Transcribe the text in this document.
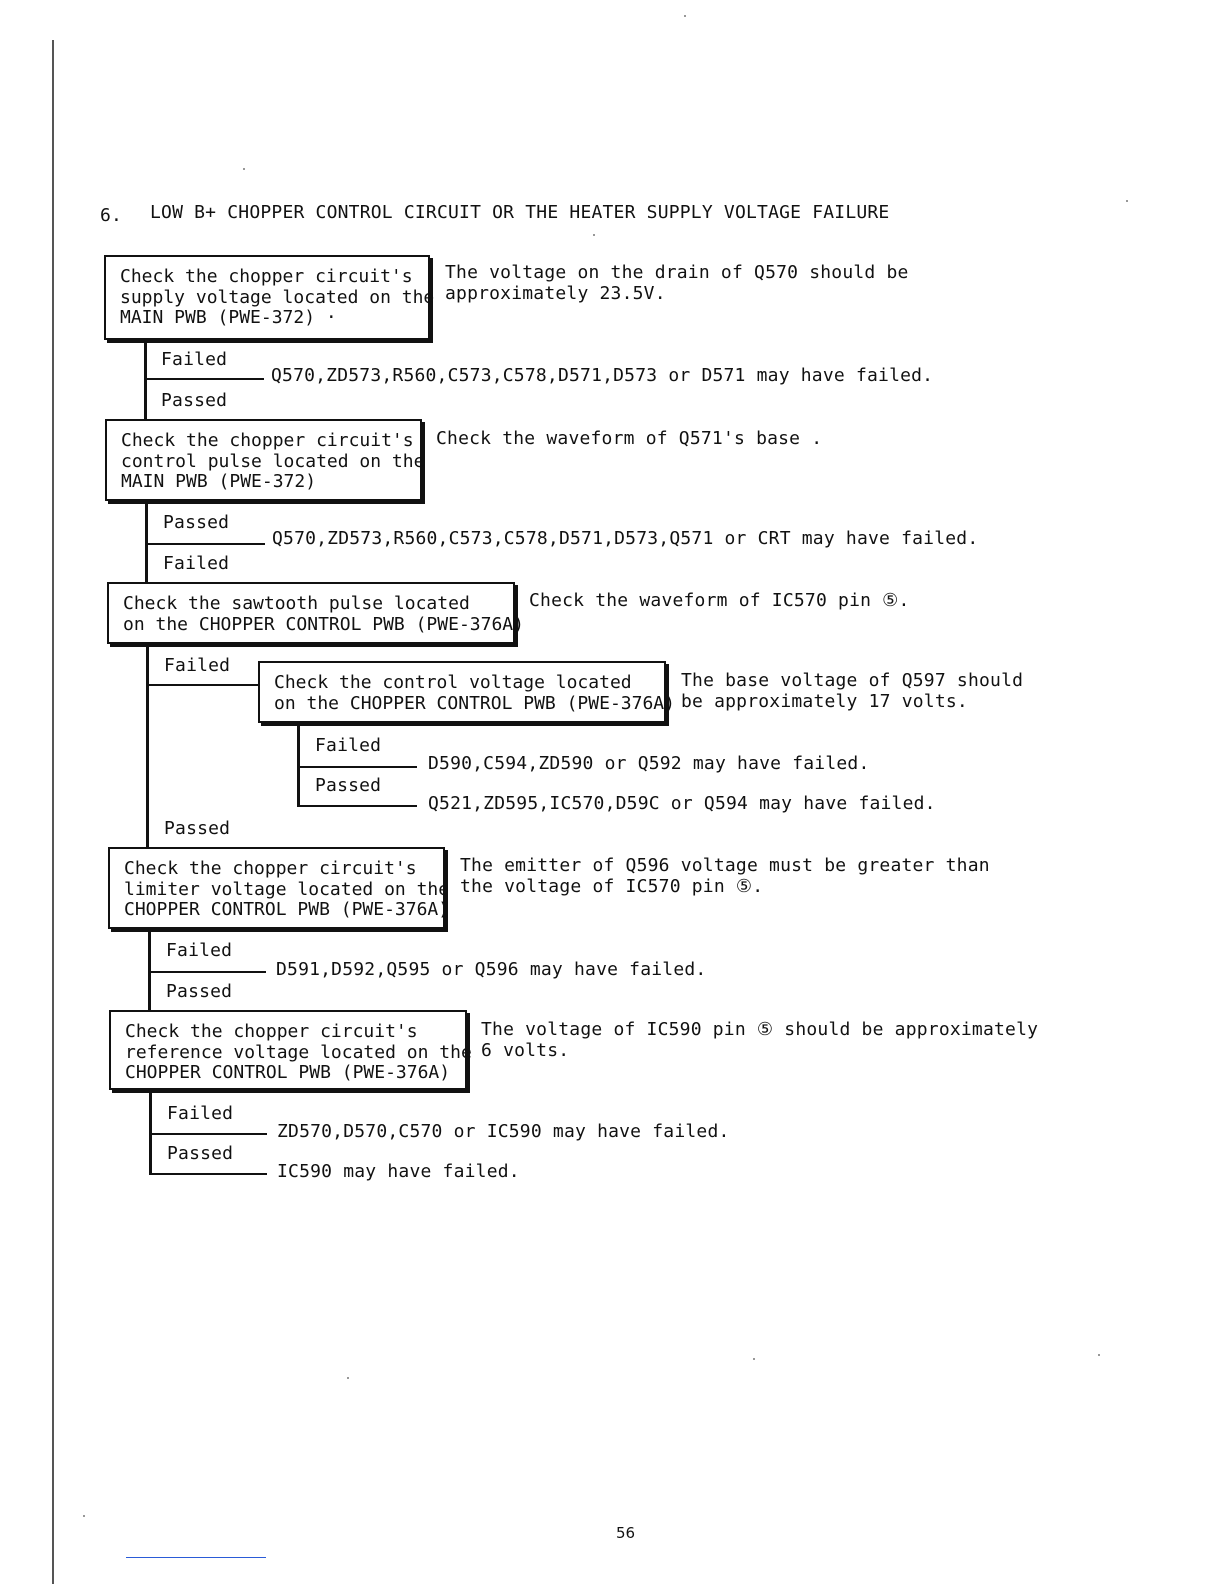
6. LOW B+ CHOPPER CONTROL CIRCUIT OR THE HEATER SUPPLY VOLTAGE FAILURE
Check the chopper circuit's
supply voltage located on the
MAIN PWB (PWE-372) ·
The voltage on the drain of Q570 should be
approximately 23.5V.
Failed
Passed
Q570,ZD573,R560,C573,C578,D571,D573 or D571 may have failed.
Check the chopper circuit's
control pulse located on the
MAIN PWB (PWE-372)
Check the waveform of Q571's base .
Passed
Failed
Q570,ZD573,R560,C573,C578,D571,D573,Q571 or CRT may have failed.
Check the sawtooth pulse located
on the CHOPPER CONTROL PWB (PWE-376A)
Check the waveform of IC570 pin ⑤.
Failed
Passed
Check the control voltage located
on the CHOPPER CONTROL PWB (PWE-376A)
The base voltage of Q597 should
be approximately 17 volts.
Failed
D590,C594,ZD590 or Q592 may have failed.
Passed
Q521,ZD595,IC570,D59C or Q594 may have failed.
Check the chopper circuit's
limiter voltage located on the
CHOPPER CONTROL PWB (PWE-376A)
The emitter of Q596 voltage must be greater than
the voltage of IC570 pin ⑤.
Failed
Passed
D591,D592,Q595 or Q596 may have failed.
Check the chopper circuit's
reference voltage located on the
CHOPPER CONTROL PWB (PWE-376A)
The voltage of IC590 pin ⑤ should be approximately
6 volts.
Failed
ZD570,D570,C570 or IC590 may have failed.
Passed
IC590 may have failed.
56
